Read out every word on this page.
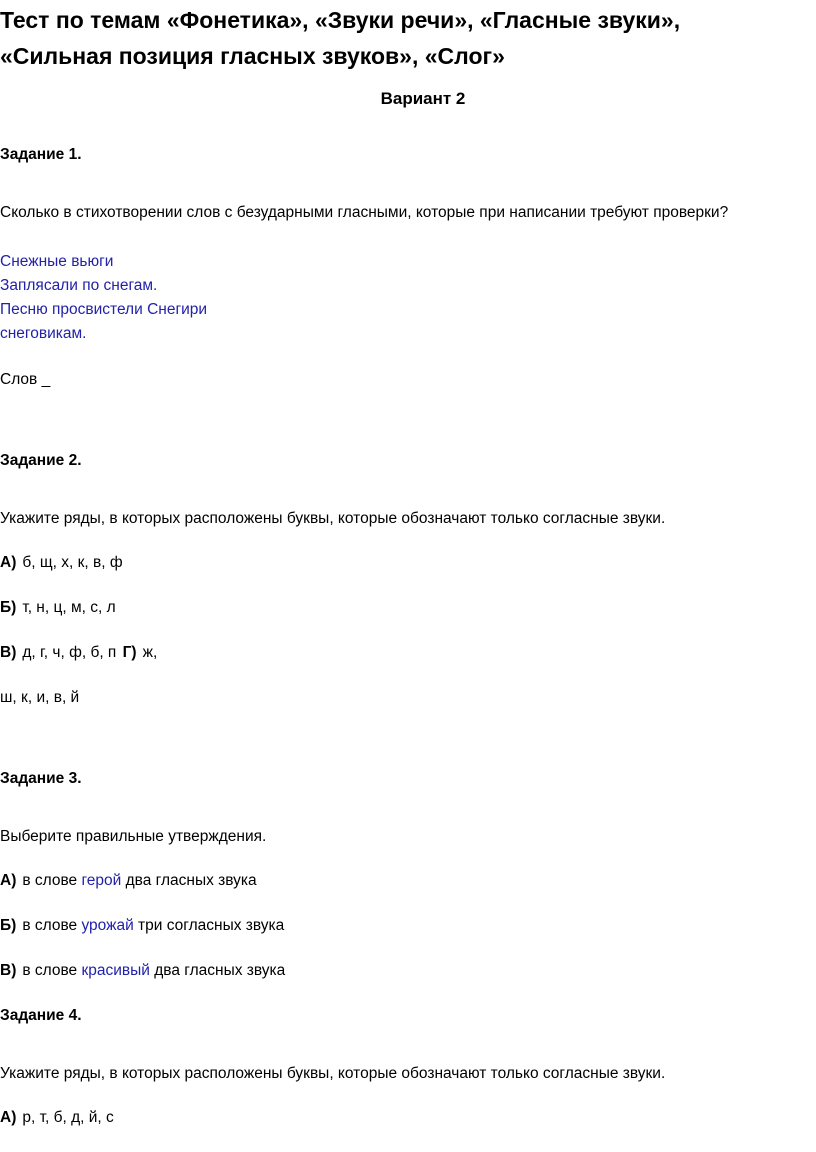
Тест по темам «Фонетика», «Звуки речи», «Гласные звуки»,
«Сильная позиция гласных звуков», «Слог»

Вариант 2

Задание 1.

Сколько в стихотворении слов с безударными гласными, которые при написании требуют проверки?

Снежные вьюги

Заплясали по снегам.

Песню просвистели Снегири

снеговикам.

Слов _

Задание 2.

Укажите ряды, в которых расположены буквы, которые обозначают только согласные звуки.

А) б, щ, х, к, в, ф

Б) т, н, ц, м, с, л

В) д, г, ч, ф, б, п Г) ж,

ш, к, и, в, й

Задание 3.

Выберите правильные утверждения.

А) в слове герой два гласных звука

Б) в слове урожай три согласных звука

В) в слове красивый два гласных звука

Задание 4.

Укажите ряды, в которых расположены буквы, которые обозначают только согласные звуки.

А) р, т, б, д, й, с
